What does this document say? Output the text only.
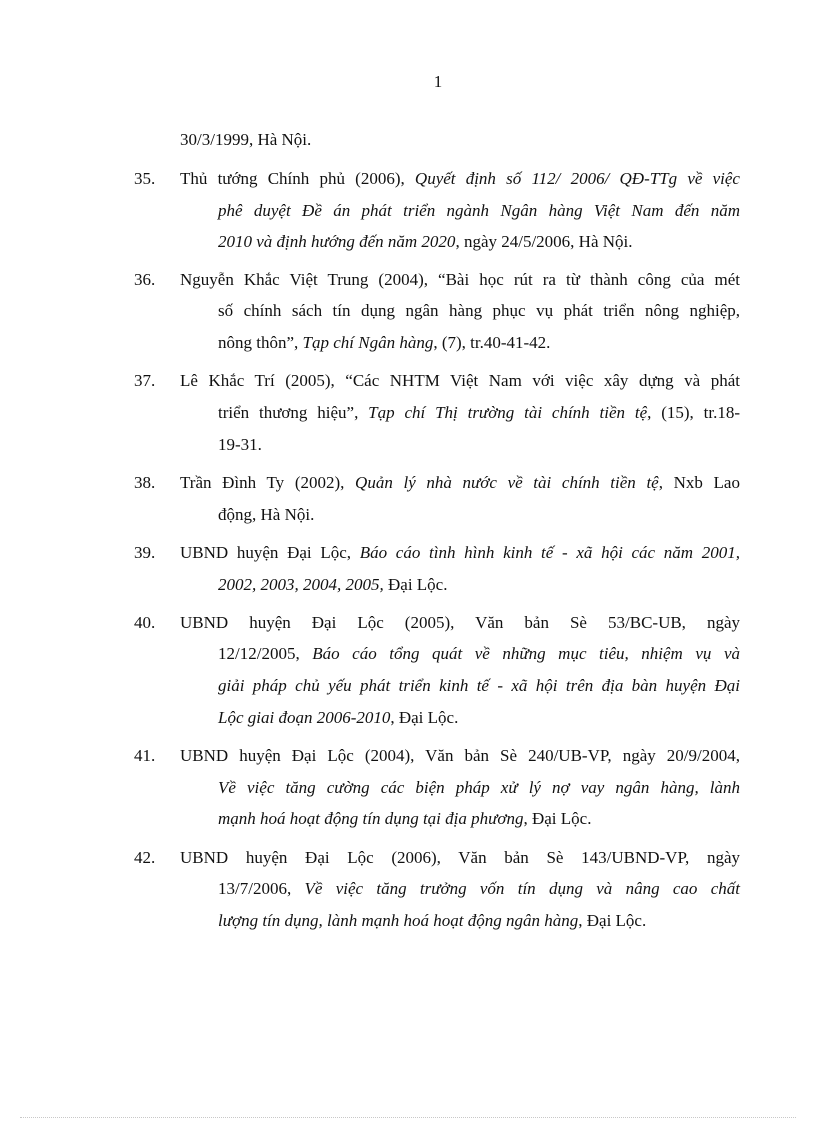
1
30/3/1999, Hà Nội.
35. Thủ tướng Chính phủ (2006), Quyết định số 112/ 2006/ QĐ-TTg về việc
phê duyệt Đề án phát triển ngành Ngân hàng Việt Nam đến năm
2010 và định hướng đến năm 2020, ngày 24/5/2006, Hà Nội.
36. Nguyễn Khắc Việt Trung (2004), “Bài học rút ra từ thành công của mét
số chính sách tín dụng ngân hàng phục vụ phát triển nông nghiệp,
nông thôn”, Tạp chí Ngân hàng, (7), tr.40-41-42.
37. Lê Khắc Trí (2005), “Các NHTM Việt Nam với việc xây dựng và phát
triển thương hiệu”, Tạp chí Thị trường tài chính tiền tệ, (15), tr.18-
19-31.
38. Trần Đình Ty (2002), Quản lý nhà nước về tài chính tiền tệ, Nxb Lao
động, Hà Nội.
39. UBND huyện Đại Lộc, Báo cáo tình hình kinh tế - xã hội các năm 2001,
2002, 2003, 2004, 2005, Đại Lộc.
40. UBND huyện Đại Lộc (2005), Văn bản Sè 53/BC-UB, ngày
12/12/2005, Báo cáo tổng quát về những mục tiêu, nhiệm vụ và
giải pháp chủ yếu phát triển kinh tế - xã hội trên địa bàn huyện Đại
Lộc giai đoạn 2006-2010, Đại Lộc.
41. UBND huyện Đại Lộc (2004), Văn bản Sè 240/UB-VP, ngày 20/9/2004,
Về việc tăng cường các biện pháp xử lý nợ vay ngân hàng, lành
mạnh hoá hoạt động tín dụng tại địa phương, Đại Lộc.
42. UBND huyện Đại Lộc (2006), Văn bản Sè 143/UBND-VP, ngày
13/7/2006, Về việc tăng trưởng vốn tín dụng và nâng cao chất
lượng tín dụng, lành mạnh hoá hoạt động ngân hàng, Đại Lộc.
